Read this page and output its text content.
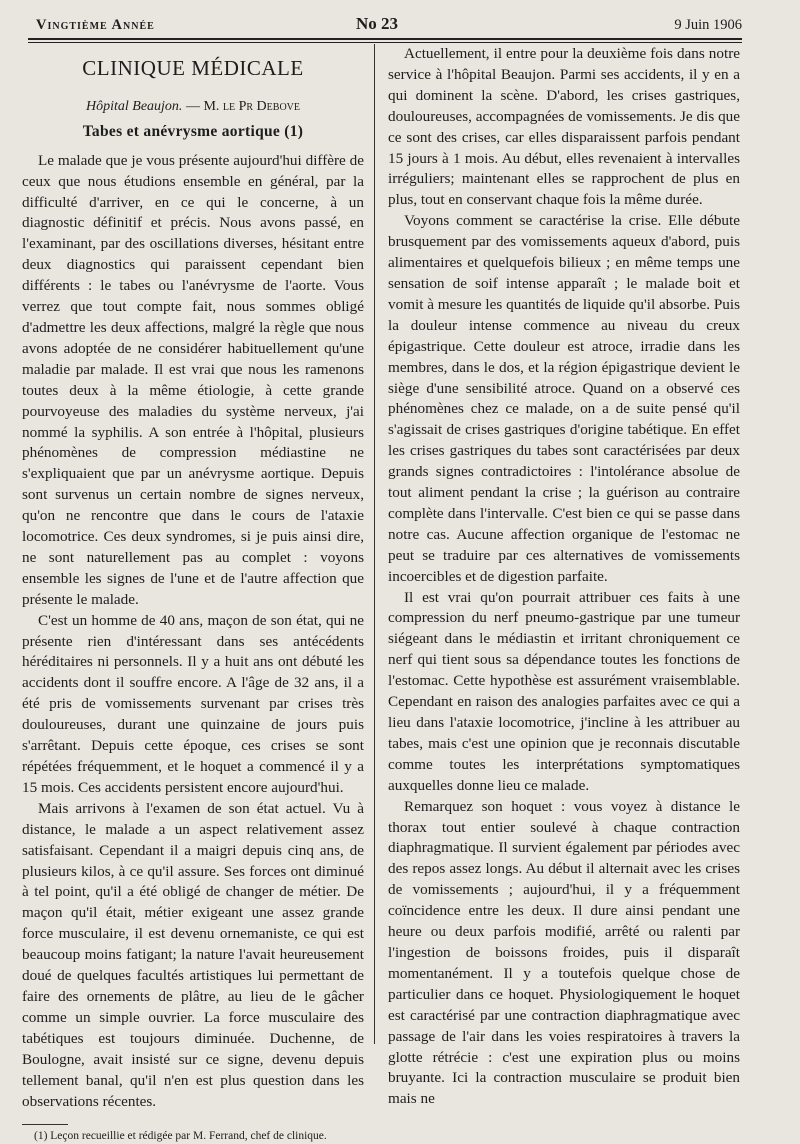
Vingtième Année	No 23	9 Juin 1906
CLINIQUE MÉDICALE
Hôpital Beaujon. — M. le Pr Debove
Tabes et anévrysme aortique (1)

Le malade que je vous présente aujourd'hui diffère de ceux que nous étudions ensemble en général, par la difficulté d'arriver, en ce qui le concerne, à un diagnostic définitif et précis. Nous avons passé, en l'examinant, par des oscillations diverses, hésitant entre deux diagnostics qui paraissent cependant bien différents : le tabes ou l'anévrysme de l'aorte. Vous verrez que tout compte fait, nous sommes obligé d'admettre les deux affections, malgré la règle que nous avons adoptée de ne considérer habituellement qu'une maladie par malade. Il est vrai que nous les ramenons toutes deux à la même étiologie, à cette grande pourvoyeuse des maladies du système nerveux, j'ai nommé la syphilis. A son entrée à l'hôpital, plusieurs phénomènes de compression médiastine ne s'expliquaient que par un anévrysme aortique. Depuis sont survenus un certain nombre de signes nerveux, qu'on ne rencontre que dans le cours de l'ataxie locomotrice. Ces deux syndromes, si je puis ainsi dire, ne sont naturellement pas au complet : voyons ensemble les signes de l'une et de l'autre affection que présente le malade.

C'est un homme de 40 ans, maçon de son état, qui ne présente rien d'intéressant dans ses antécédents héréditaires ni personnels. Il y a huit ans ont débuté les accidents dont il souffre encore. A l'âge de 32 ans, il a été pris de vomissements survenant par crises très douloureuses, durant une quinzaine de jours puis s'arrêtant. Depuis cette époque, ces crises se sont répétées fréquemment, et le hoquet a commencé il y a 15 mois. Ces accidents persistent encore aujourd'hui.

Mais arrivons à l'examen de son état actuel. Vu à distance, le malade a un aspect relativement assez satisfaisant. Cependant il a maigri depuis cinq ans, de plusieurs kilos, à ce qu'il assure. Ses forces ont diminué à tel point, qu'il a été obligé de changer de métier. De maçon qu'il était, métier exigeant une assez grande force musculaire, il est devenu ornemaniste, ce qui est beaucoup moins fatigant; la nature l'avait heureusement doué de quelques facultés artistiques lui permettant de faire des ornements de plâtre, au lieu de le gâcher comme un simple ouvrier. La force musculaire des tabétiques est toujours diminuée. Duchenne, de Boulogne, avait insisté sur ce signe, devenu depuis tellement banal, qu'il n'en est plus question dans les observations récentes.

(1) Leçon recueillie et rédigée par M. Ferrand, chef de clinique.

Actuellement, il entre pour la deuxième fois dans notre service à l'hôpital Beaujon. Parmi ses accidents, il y en a qui dominent la scène. D'abord, les crises gastriques, douloureuses, accompagnées de vomissements. Je dis que ce sont des crises, car elles disparaissent parfois pendant 15 jours à 1 mois. Au début, elles revenaient à intervalles irréguliers; maintenant elles se rapprochent de plus en plus, tout en conservant chaque fois la même durée.

Voyons comment se caractérise la crise. Elle débute brusquement par des vomissements aqueux d'abord, puis alimentaires et quelquefois bilieux ; en même temps une sensation de soif intense apparaît ; le malade boit et vomit à mesure les quantités de liquide qu'il absorbe. Puis la douleur intense commence au niveau du creux épigastrique. Cette douleur est atroce, irradie dans les membres, dans le dos, et la région épigastrique devient le siège d'une sensibilité atroce. Quand on a observé ces phénomènes chez ce malade, on a de suite pensé qu'il s'agissait de crises gastriques d'origine tabétique. En effet les crises gastriques du tabes sont caractérisées par deux grands signes contradictoires : l'intolérance absolue de tout aliment pendant la crise ; la guérison au contraire complète dans l'intervalle. C'est bien ce qui se passe dans notre cas. Aucune affection organique de l'estomac ne peut se traduire par ces alternatives de vomissements incoercibles et de digestion parfaite.

Il est vrai qu'on pourrait attribuer ces faits à une compression du nerf pneumo-gastrique par une tumeur siégeant dans le médiastin et irritant chroniquement ce nerf qui tient sous sa dépendance toutes les fonctions de l'estomac. Cette hypothèse est assurément vraisemblable. Cependant en raison des analogies parfaites avec ce qui a lieu dans l'ataxie locomotrice, j'incline à les attribuer au tabes, mais c'est une opinion que je reconnais discutable comme toutes les interprétations symptomatiques auxquelles donne lieu ce malade.

Remarquez son hoquet : vous voyez à distance le thorax tout entier soulevé à chaque contraction diaphragmatique. Il survient également par périodes avec des repos assez longs. Au début il alternait avec les crises de vomissements ; aujourd'hui, il y a fréquemment coïncidence entre les deux. Il dure ainsi pendant une heure ou deux parfois modifié, arrêté ou ralenti par l'ingestion de boissons froides, puis il disparaît momentanément. Il y a toutefois quelque chose de particulier dans ce hoquet. Physiologiquement le hoquet est caractérisé par une contraction diaphragmatique avec passage de l'air dans les voies respiratoires à travers la glotte rétrécie : c'est une expiration plus ou moins bruyante. Ici la contraction musculaire se produit bien mais ne
